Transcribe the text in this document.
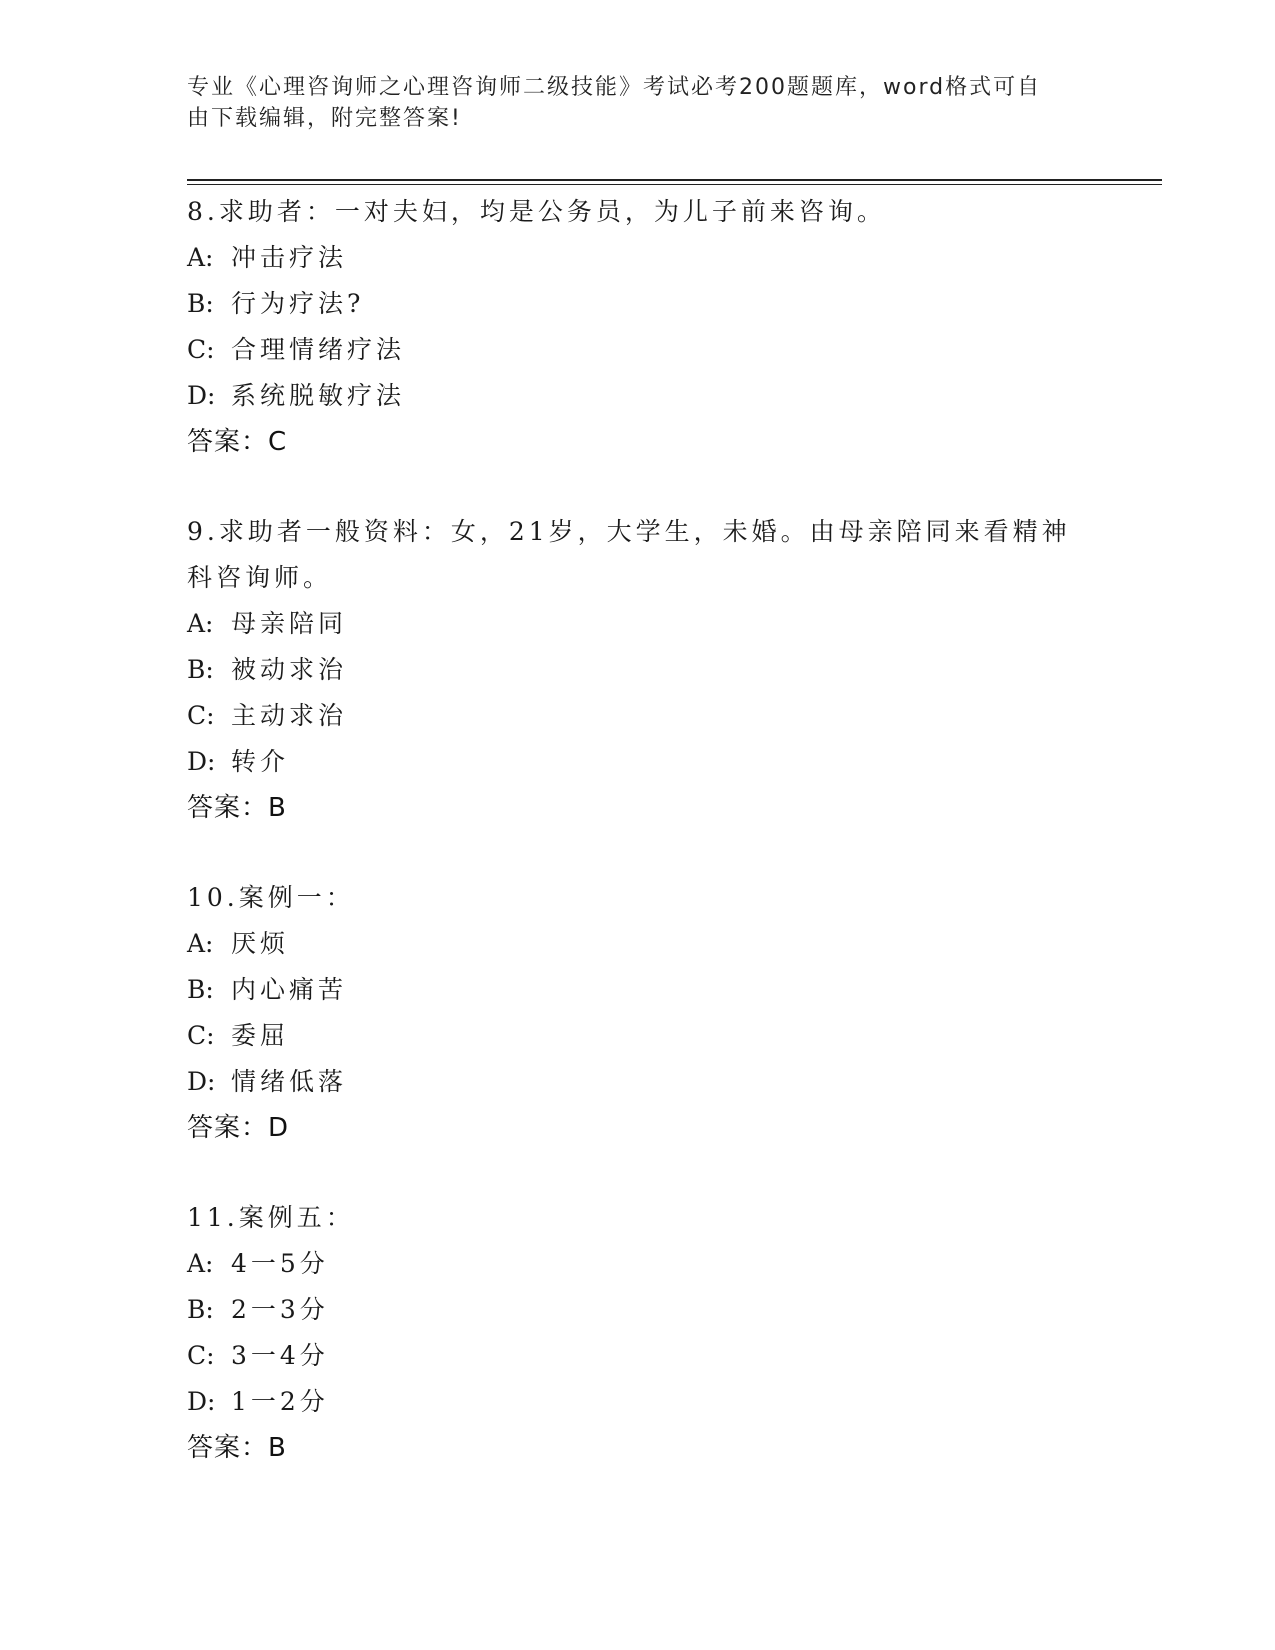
专业《心理咨询师之心理咨询师二级技能》考试必考200题题库，word格式可自
由下载编辑，附完整答案!
8.求助者：一对夫妇，均是公务员，为儿子前来咨询。
A: 冲击疗法
B: 行为疗法?
C: 合理情绪疗法
D: 系统脱敏疗法
答案：C
9.求助者一般资料：女，21岁，大学生，未婚。由母亲陪同来看精神
科咨询师。
A: 母亲陪同
B: 被动求治
C: 主动求治
D: 转介
答案：B
10.案例一：
A: 厌烦
B: 内心痛苦
C: 委屈
D: 情绪低落
答案：D
11.案例五：
A: 4一5分
B: 2一3分
C: 3一4分
D: 1一2分
答案：B
